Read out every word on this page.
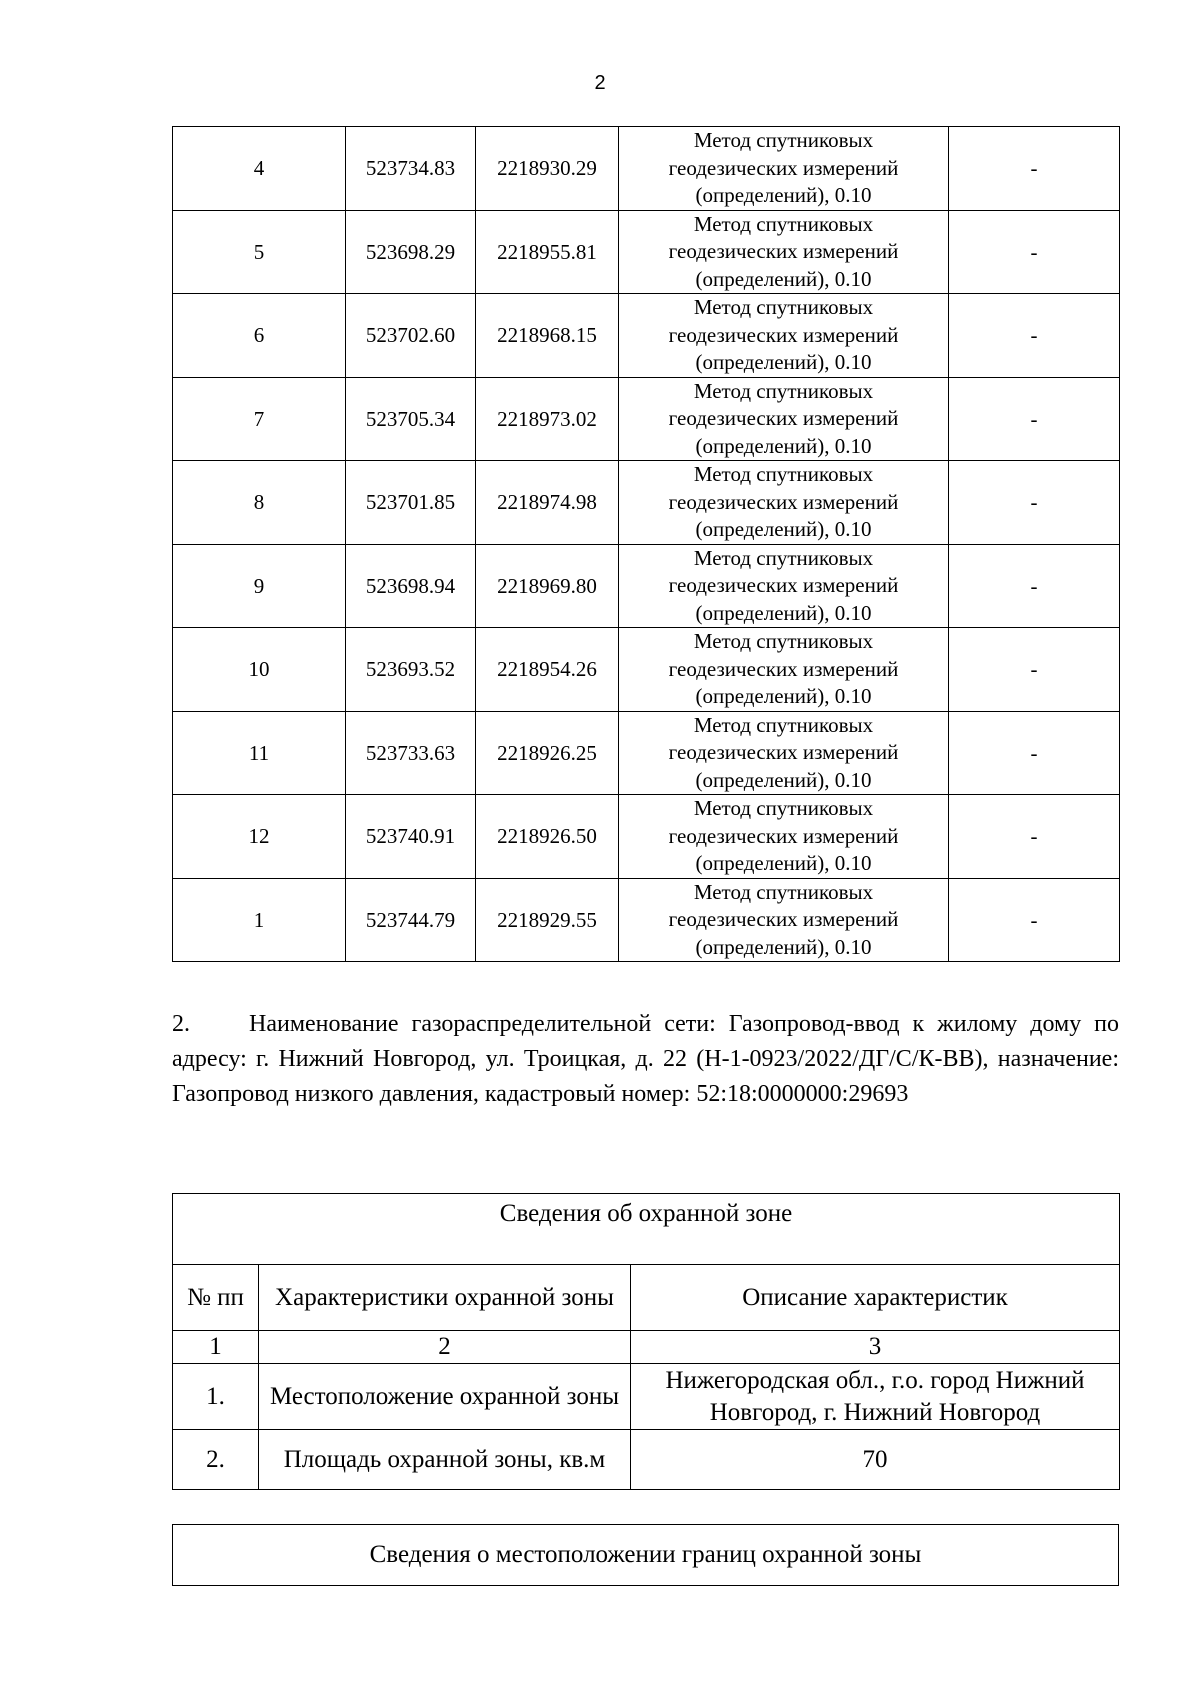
2
4	523734.83	2218930.29	Метод спутниковых
геодезических измерений
(определений), 0.10	-
5	523698.29	2218955.81	Метод спутниковых
геодезических измерений
(определений), 0.10	-
6	523702.60	2218968.15	Метод спутниковых
геодезических измерений
(определений), 0.10	-
7	523705.34	2218973.02	Метод спутниковых
геодезических измерений
(определений), 0.10	-
8	523701.85	2218974.98	Метод спутниковых
геодезических измерений
(определений), 0.10	-
9	523698.94	2218969.80	Метод спутниковых
геодезических измерений
(определений), 0.10	-
10	523693.52	2218954.26	Метод спутниковых
геодезических измерений
(определений), 0.10	-
11	523733.63	2218926.25	Метод спутниковых
геодезических измерений
(определений), 0.10	-
12	523740.91	2218926.50	Метод спутниковых
геодезических измерений
(определений), 0.10	-
1	523744.79	2218929.55	Метод спутниковых
геодезических измерений
(определений), 0.10	-

2. Наименование газораспределительной сети: Газопровод-ввод к жилому дому по адресу: г. Нижний Новгород, ул. Троицкая, д. 22 (Н-1-0923/2022/ДГ/С/К-ВВ), назначение: Газопровод низкого давления, кадастровый номер: 52:18:0000000:29693

Сведения об охранной зоне		
№ пп	Характеристики охранной зоны	Описание характеристик
1	2	3
1.	Местоположение охранной зоны	Нижегородская обл., г.о. город Нижний Новгород, г. Нижний Новгород
2.	Площадь охранной зоны, кв.м	70
Сведения о местоположении границ охранной зоны
